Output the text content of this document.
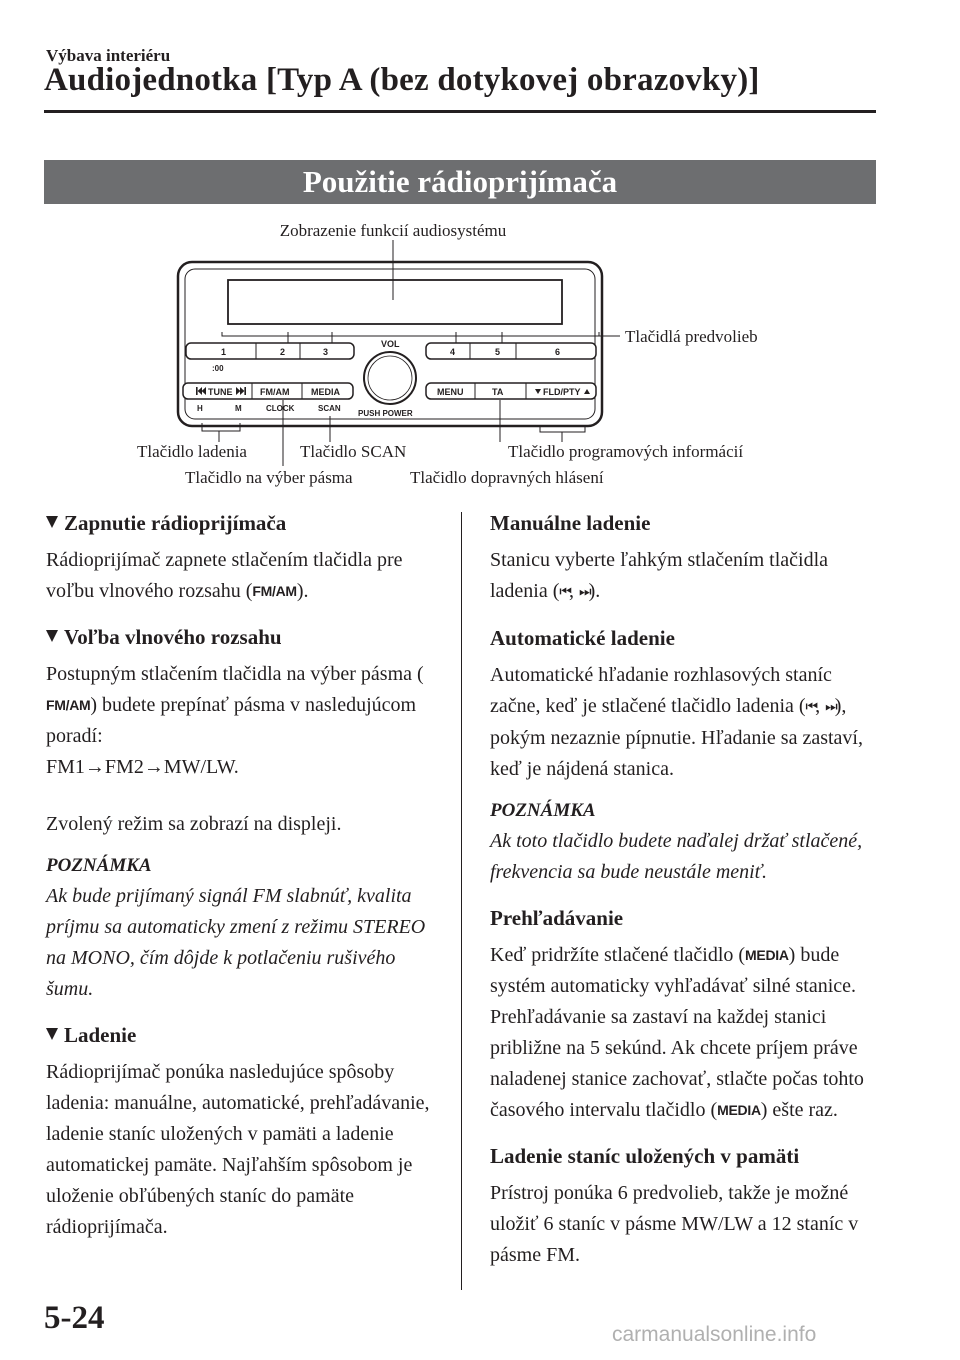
Výbava interiéru
Audiojednotka [Typ A (bez dotykovej obrazovky)]
Použitie rádioprijímača
1	2	3	4	5	6
:00
VOL
PUSH POWER
TUNE	FM/AM MEDIA	MENU	TA	FLD/PTY
H	M	CLOCK	SCAN
Zobrazenie funkcií audiosystému
Tlačidlá predvolieb
Tlačidlo ladenia	Tlačidlo SCAN	Tlačidlo programových informácií
Tlačidlo na výber pásma	Tlačidlo dopravných hlásení
Zapnutie rádioprijímača

Rádioprijímač zapnete stlačením tlačidla pre voľbu vlnového rozsahu (FM/AM).

Voľba vlnového rozsahu

Postupným stlačením tlačidla na výber pásma (FM/AM) budete prepínať pásma v nasledujúcom poradí:

FM1→FM2→MW/LW.

Zvolený režim sa zobrazí na displeji.

POZNÁMKA

Ak bude prijímaný signál FM slabnúť, kvalita príjmu sa automaticky zmení z režimu STEREO na MONO, čím dôjde k potlačeniu rušivého šumu.

Ladenie

Rádioprijímač ponúka nasledujúce spôsoby ladenia: manuálne, automatické, prehľadávanie, ladenie staníc uložených v pamäti a ladenie automatickej pamäte. Najľahším spôsobom je uloženie obľúbených staníc do pamäte rádioprijímača.

Manuálne ladenie

Stanicu vyberte ľahkým stlačením tlačidla ladenia (⏮, ⏭).

Automatické ladenie

Automatické hľadanie rozhlasových staníc začne, keď je stlačené tlačidlo ladenia (⏮, ⏭), pokým nezaznie pípnutie. Hľadanie sa zastaví, keď je nájdená stanica.

POZNÁMKA

Ak toto tlačidlo budete naďalej držať stlačené, frekvencia sa bude neustále meniť.

Prehľadávanie

Keď pridržíte stlačené tlačidlo (MEDIA) bude systém automaticky vyhľadávať silné stanice. Prehľadávanie sa zastaví na každej stanici približne na 5 sekúnd. Ak chcete príjem práve naladenej stanice zachovať, stlačte počas tohto časového intervalu tlačidlo (MEDIA) ešte raz.

Ladenie staníc uložených v pamäti

Prístroj ponúka 6 predvolieb, takže je možné uložiť 6 staníc v pásme MW/LW a 12 staníc v pásme FM.

5-24	carmanualsonline.info
